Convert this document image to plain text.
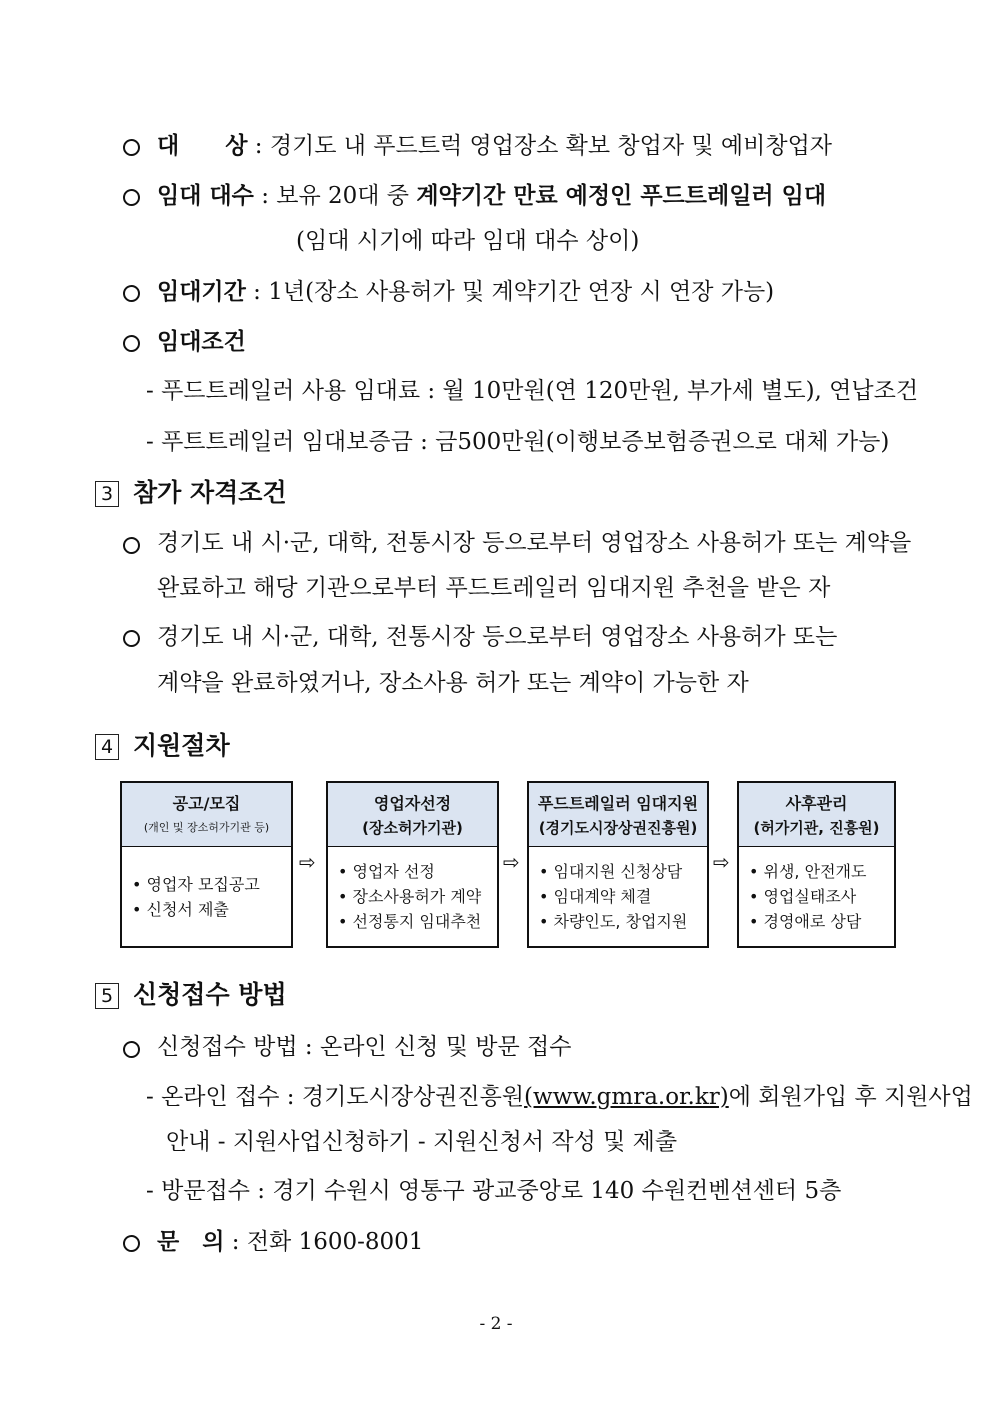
대　　상 : 경기도 내 푸드트럭 영업장소 확보 창업자 및 예비창업자
임대 대수 : 보유 20대 중 계약기간 만료 예정인 푸드트레일러 임대
(임대 시기에 따라 임대 대수 상이)
임대기간 : 1년(장소 사용허가 및 계약기간 연장 시 연장 가능)
임대조건
- 푸드트레일러 사용 임대료 : 월 10만원(연 120만원, 부가세 별도), 연납조건
- 푸트트레일러 임대보증금 : 금500만원(이행보증보험증권으로 대체 가능)
3 참가 자격조건
경기도 내 시·군, 대학, 전통시장 등으로부터 영업장소 사용허가 또는 계약을
완료하고 해당 기관으로부터 푸드트레일러 임대지원 추천을 받은 자
경기도 내 시·군, 대학, 전통시장 등으로부터 영업장소 사용허가 또는
계약을 완료하였거나, 장소사용 허가 또는 계약이 가능한 자
4 지원절차
공고/모집
(개인 및 장소허가기관 등)
• 영업자 모집공고
• 신청서 제출
⇨
영업자선정
(장소허가기관)
• 영업자 선정
• 장소사용허가 계약
• 선정통지 임대추천
⇨
푸드트레일러 임대지원
(경기도시장상권진흥원)
• 임대지원 신청상담
• 임대계약 체결
• 차량인도, 창업지원
⇨
사후관리
(허가기관, 진흥원)
• 위생, 안전개도
• 영업실태조사
• 경영애로 상담
5 신청접수 방법
신청접수 방법 : 온라인 신청 및 방문 접수
- 온라인 접수 : 경기도시장상권진흥원(www.gmra.or.kr)에 회원가입 후 지원사업
안내 - 지원사업신청하기 - 지원신청서 작성 및 제출
- 방문접수 : 경기 수원시 영통구 광교중앙로 140 수원컨벤션센터 5층
문　의 : 전화 1600-8001
- 2 -
